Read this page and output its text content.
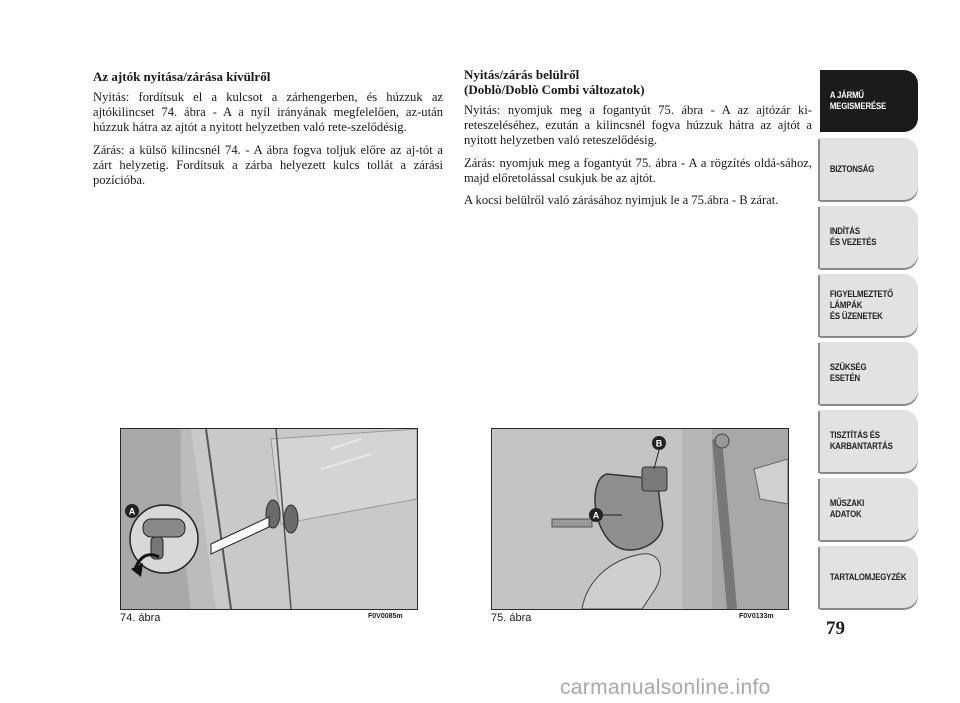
Az ajtók nyitása/zárása kívülről

Nyitás: fordítsuk el a kulcsot a zárhengerben, és húzzuk az ajtókilincset 74. ábra - A a nyíl irányának megfelelően, az-után húzzuk hátra az ajtót a nyitott helyzetben való rete-szelődésig.

Zárás: a külső kilincsnél 74. - A ábra fogva toljuk előre az aj-tót a zárt helyzetig. Fordítsuk a zárba helyezett kulcs tollát a zárási pozícióba.

Nyitás/zárás belülről
(Doblò/Doblò Combi változatok)

Nyitás: nyomjuk meg a fogantyút 75. ábra - A az ajtózár ki-reteszeléséhez, ezután a kilincsnél fogva húzzuk hátra az ajtót a nyitott helyzetben való reteszelődésig.

Zárás: nyomjuk meg a fogantyút 75. ábra - A a rögzítés oldá-sához, majd előretolással csukjuk be az ajtót.

A kocsi belülről való zárásához nyimjuk le a 75.ábra - B zárat.

A
74. ábra	F0V0085m
B
A
75. ábra	F0V0133m
A JÁRMŰ
MEGISMERÉSE
BIZTONSÁG
INDÍTÁS
ÉS VEZETÉS
FIGYELMEZTETŐ
LÁMPÁK
ÉS ÜZENETEK
SZÜKSÉG
ESETÉN
TISZTÍTÁS ÉS
KARBANTARTÁS
MŰSZAKI
ADATOK
TARTALOMJEGYZÉK
79
carmanualsonline.info
